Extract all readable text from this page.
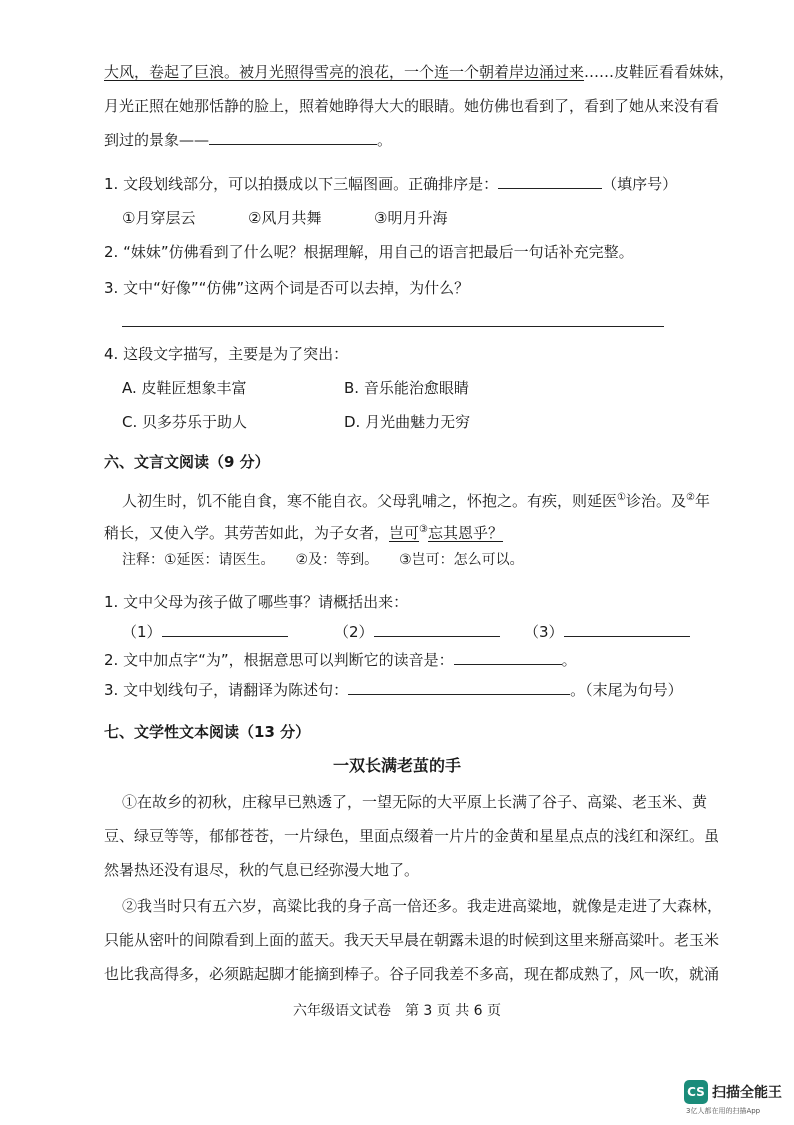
大风，卷起了巨浪。被月光照得雪亮的浪花，一个连一个朝着岸边涌过来……皮鞋匠看看妹妹，
月光正照在她那恬静的脸上，照着她睁得大大的眼睛。她仿佛也看到了，看到了她从来没有看
到过的景象——	。
1. 文段划线部分，可以拍摄成以下三幅图画。正确排序是：	（填序号）
①月穿层云	②风月共舞	③明月升海
2. “妹妹”仿佛看到了什么呢？根据理解，用自己的语言把最后一句话补充完整。
3. 文中“好像”“仿佛”这两个词是否可以去掉，为什么？
4. 这段文字描写，主要是为了突出：
A. 皮鞋匠想象丰富	B. 音乐能治愈眼睛
C. 贝多芬乐于助人	D. 月光曲魅力无穷
六、文言文阅读（9 分）
人初生时，饥不能自食，寒不能自衣。父母乳哺之，怀抱之。有疾，则延医①诊治。及②年
稍长，又使入学。其劳苦如此，为子女者，岂可③忘其恩乎？
注释：①延医：请医生。　　②及：等到。　　③岂可：怎么可以。
1. 文中父母为孩子做了哪些事？请概括出来：
（1）	（2）	（3）
2. 文中加点字“为”，根据意思可以判断它的读音是：	。
3. 文中划线句子，请翻译为陈述句：	。（末尾为句号）
七、文学性文本阅读（13 分）
一双长满老茧的手
①在故乡的初秋，庄稼早已熟透了，一望无际的大平原上长满了谷子、高粱、老玉米、黄
豆、绿豆等等，郁郁苍苍，一片绿色，里面点缀着一片片的金黄和星星点点的浅红和深红。虽
然暑热还没有退尽，秋的气息已经弥漫大地了。
②我当时只有五六岁，高粱比我的身子高一倍还多。我走进高粱地，就像是走进了大森林，
只能从密叶的间隙看到上面的蓝天。我天天早晨在朝露未退的时候到这里来掰高粱叶。老玉米
也比我高得多，必须踮起脚才能摘到棒子。谷子同我差不多高，现在都成熟了，风一吹，就涌
六年级语文试卷　第 3 页 共 6 页
CS 扫描全能王
3亿人都在用的扫描App
